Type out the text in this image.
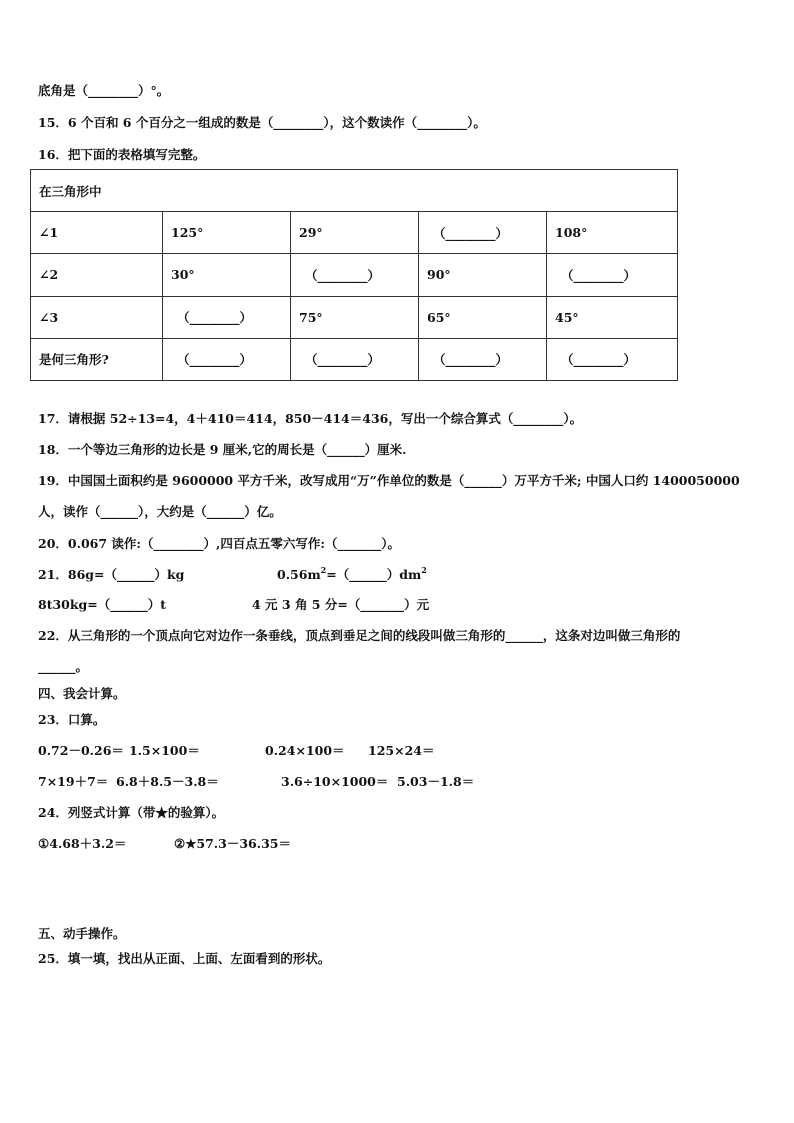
底角是（________）°。
15．6 个百和 6 个百分之一组成的数是（________），这个数读作（________）。
16．把下面的表格填写完整。
在三角形中				
∠1	125°	29°	（________）	108°
∠2	30°	（________）	90°	（________）
∠3	（________）	75°	65°	45°
是何三角形?	（________）	（________）	（________）	（________）
17．请根据 52÷13=4，4＋410＝414，850－414＝436，写出一个综合算式（________）。
18．一个等边三角形的边长是 9 厘米,它的周长是（______）厘米.
19．中国国土面积约是 9600000 平方千米，改写成用“万”作单位的数是（______）万平方千米; 中国人口约 1400050000
人，读作（______），大约是（______）亿。
20．0.067 读作:（________）,四百点五零六写作:（_______）。
21．86g=（______）kg	$0.56m^2=(\_\_\_\_\_\_)dm^2$
8t30kg=（______）t	4 元 3 角 5 分=（_______）元
22．从三角形的一个顶点向它对边作一条垂线，顶点到垂足之间的线段叫做三角形的______，这条对边叫做三角形的
______。
四、我会计算。
23．口算。
0.72－0.26＝ 1.5×100＝	0.24×100＝ 125×24＝
7×19＋7＝ 6.8＋8.5－3.8＝	3.6÷10×1000＝ 5.03－1.8＝
24．列竖式计算（带★的验算）。
①4.68＋3.2＝	②★57.3－36.35＝
五、动手操作。
25．填一填，找出从正面、上面、左面看到的形状。
